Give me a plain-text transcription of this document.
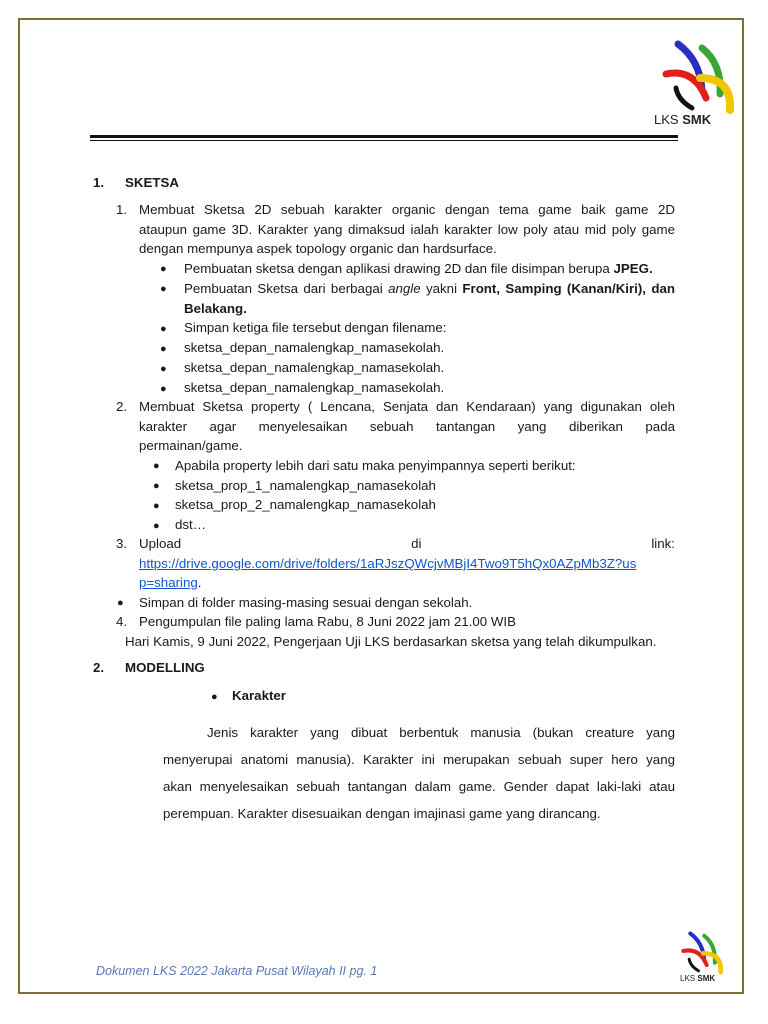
LKS SMK
1. SKETSA
1. Membuat Sketsa 2D sebuah karakter organic dengan tema game baik game 2D
ataupun game 3D. Karakter yang dimaksud ialah karakter low poly atau mid poly game
dengan mempunya aspek topology organic dan hardsurface.
● Pembuatan sketsa dengan aplikasi drawing 2D dan file disimpan berupa JPEG.
● Pembuatan Sketsa dari berbagai angle yakni Front, Samping (Kanan/Kiri), dan
Belakang.
● Simpan ketiga file tersebut dengan filename:
● sketsa_depan_namalengkap_namasekolah.
● sketsa_depan_namalengkap_namasekolah.
● sketsa_depan_namalengkap_namasekolah.
2. Membuat Sketsa property ( Lencana, Senjata dan Kendaraan) yang digunakan oleh
karakter agar menyelesaikan sebuah tantangan yang diberikan pada
permainan/game.
● Apabila property lebih dari satu maka penyimpannya seperti berikut:
● sketsa_prop_1_namalengkap_namasekolah
● sketsa_prop_2_namalengkap_namasekolah
● dst…
3. Upload	di	link:
https://drive.google.com/drive/folders/1aRJszQWcjvMBjI4Two9T5hQx0AZpMb3Z?us
p=sharing.
● Simpan di folder masing-masing sesuai dengan sekolah.
4. Pengumpulan file paling lama Rabu, 8 Juni 2022 jam 21.00 WIB
Hari Kamis, 9 Juni 2022, Pengerjaan Uji LKS berdasarkan sketsa yang telah dikumpulkan.
2. MODELLING
● Karakter
Jenis karakter yang dibuat berbentuk manusia (bukan creature yang
menyerupai anatomi manusia). Karakter ini merupakan sebuah super hero yang
akan menyelesaikan sebuah tantangan dalam game. Gender dapat laki-laki atau
perempuan. Karakter disesuaikan dengan imajinasi game yang dirancang.
Dokumen LKS 2022 Jakarta Pusat Wilayah II pg. 1
LKS SMK
